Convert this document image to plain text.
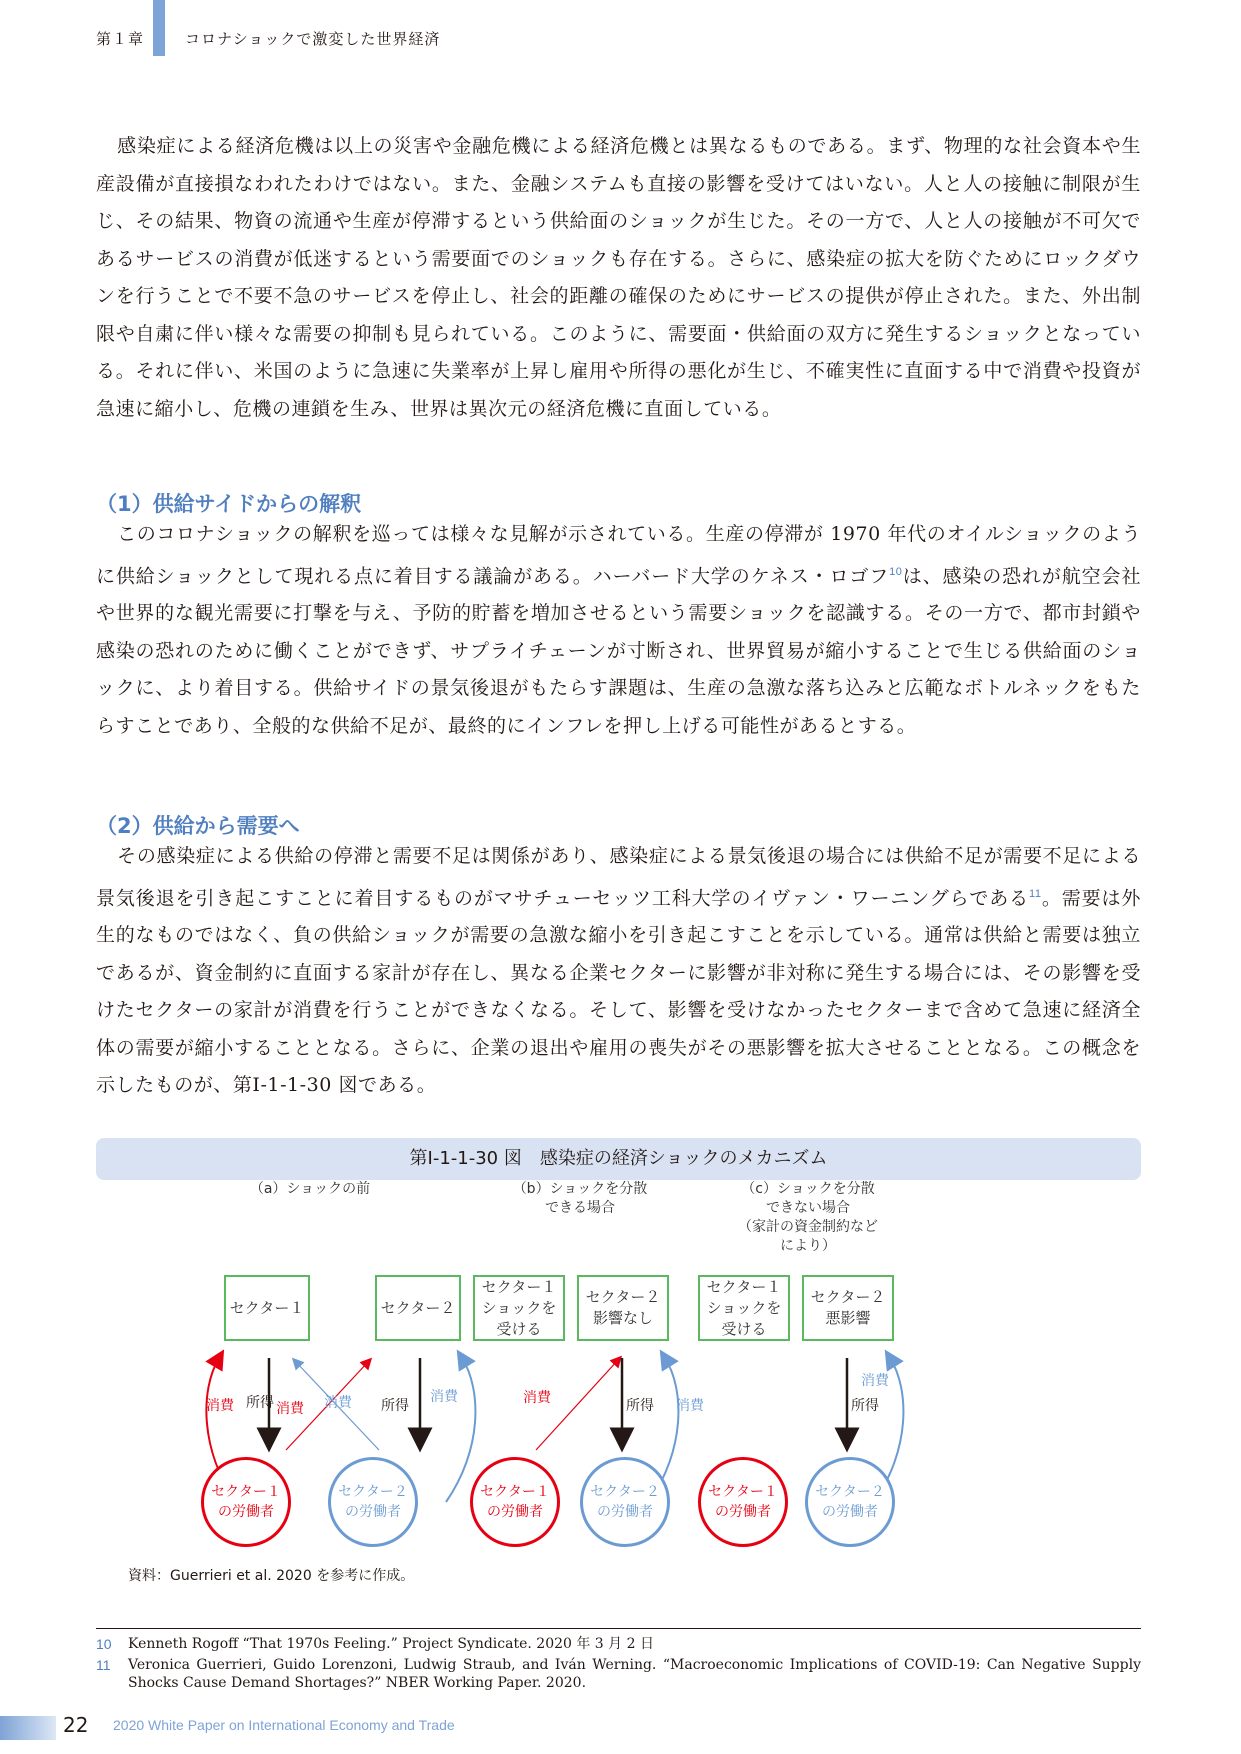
第１章	コロナショックで激変した世界経済

感染症による経済危機は以上の災害や金融危機による経済危機とは異なるものである。まず、物理的な社会資本や生産設備が直接損なわれたわけではない。また、金融システムも直接の影響を受けてはいない。人と人の接触に制限が生じ、その結果、物資の流通や生産が停滞するという供給面のショックが生じた。その一方で、人と人の接触が不可欠であるサービスの消費が低迷するという需要面でのショックも存在する。さらに、感染症の拡大を防ぐためにロックダウンを行うことで不要不急のサービスを停止し、社会的距離の確保のためにサービスの提供が停止された。また、外出制限や自粛に伴い様々な需要の抑制も見られている。このように、需要面・供給面の双方に発生するショックとなっている。それに伴い、米国のように急速に失業率が上昇し雇用や所得の悪化が生じ、不確実性に直面する中で消費や投資が急速に縮小し、危機の連鎖を生み、世界は異次元の経済危機に直面している。

（1）供給サイドからの解釈

このコロナショックの解釈を巡っては様々な見解が示されている。生産の停滞が 1970 年代のオイルショックのように供給ショックとして現れる点に着目する議論がある。ハーバード大学のケネス・ロゴフ$^{10}$は、感染の恐れが航空会社や世界的な観光需要に打撃を与え、予防的貯蓄を増加させるという需要ショックを認識する。その一方で、都市封鎖や感染の恐れのために働くことができず、サプライチェーンが寸断され、世界貿易が縮小することで生じる供給面のショックに、より着目する。供給サイドの景気後退がもたらす課題は、生産の急激な落ち込みと広範なボトルネックをもたらすことであり、全般的な供給不足が、最終的にインフレを押し上げる可能性があるとする。

（2）供給から需要へ

その感染症による供給の停滞と需要不足は関係があり、感染症による景気後退の場合には供給不足が需要不足による景気後退を引き起こすことに着目するものがマサチューセッツ工科大学のイヴァン・ワーニングらである$^{11}$。需要は外生的なものではなく、負の供給ショックが需要の急激な縮小を引き起こすことを示している。通常は供給と需要は独立であるが、資金制約に直面する家計が存在し、異なる企業セクターに影響が非対称に発生する場合には、その影響を受けたセクターの家計が消費を行うことができなくなる。そして、影響を受けなかったセクターまで含めて急速に経済全体の需要が縮小することとなる。さらに、企業の退出や雇用の喪失がその悪影響を拡大させることとなる。この概念を示したものが、第Ⅰ-1-1-30 図である。

第Ⅰ-1-1-30 図　感染症の経済ショックのメカニズム
（a）ショックの前	（b）ショックを分散
できる場合
（c）ショックを分散
できない場合
（家計の資金制約など
により）
セクター１	セクター２
セクター１
ショックを
受ける
セクター２
影響なし
セクター１
ショックを
受ける
セクター２
悪影響
消費 所得 消費 消費 所得
消費	消費	所得 消費
消費
所得
セクター１
の労働者
セクター２
の労働者
セクター１
の労働者
セクター２
の労働者
セクター１
の労働者
セクター２
の労働者
資料：Guerrieri et al. 2020 を参考に作成。
10 Kenneth Rogoff “That 1970s Feeling.” Project Syndicate. 2020 年 3 月 2 日
11 Veronica Guerrieri, Guido Lorenzoni, Ludwig Straub, and Iván Werning. “Macroeconomic Implications of COVID-19: Can Negative Supply Shocks Cause Demand Shortages?” NBER Working Paper. 2020.
22 2020 White Paper on International Economy and Trade
